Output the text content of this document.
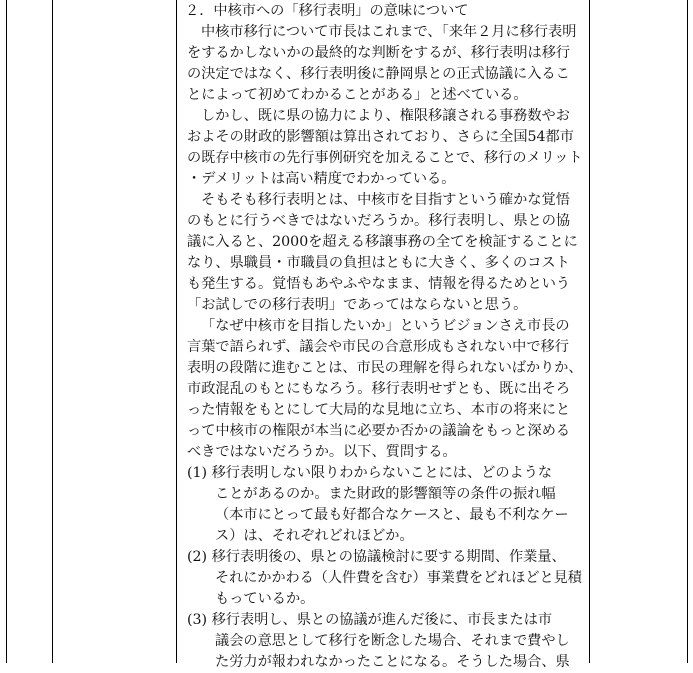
２．中核市への「移行表明」の意味について
中核市移行について市長はこれまで、「来年２月に移行表明
をするかしないかの最終的な判断をするが、移行表明は移行
の決定ではなく、移行表明後に静岡県との正式協議に入るこ
とによって初めてわかることがある」と述べている。
しかし、既に県の協力により、権限移譲される事務数やお
およその財政的影響額は算出されており、さらに全国54都市
の既存中核市の先行事例研究を加えることで、移行のメリット
・デメリットは高い精度でわかっている。
そもそも移行表明とは、中核市を目指すという確かな覚悟
のもとに行うべきではないだろうか。移行表明し、県との協
議に入ると、2000を超える移譲事務の全てを検証することに
なり、県職員・市職員の負担はともに大きく、多くのコスト
も発生する。覚悟もあやふやなまま、情報を得るためという
「お試しでの移行表明」であってはならないと思う。
「なぜ中核市を目指したいか」というビジョンさえ市長の
言葉で語られず、議会や市民の合意形成もされない中で移行
表明の段階に進むことは、市民の理解を得られないばかりか、
市政混乱のもとにもなろう。移行表明せずとも、既に出そろ
った情報をもとにして大局的な見地に立ち、本市の将来にと
って中核市の権限が本当に必要か否かの議論をもっと深める
べきではないだろうか。以下、質問する。
(1) 移行表明しない限りわからないことには、どのような
ことがあるのか。また財政的影響額等の条件の振れ幅
（本市にとって最も好都合なケースと、最も不利なケー
ス）は、それぞれどれほどか。
(2) 移行表明後の、県との協議検討に要する期間、作業量、
それにかかわる（人件費を含む）事業費をどれほどと見積
もっているか。
(3) 移行表明し、県との協議が進んだ後に、市長または市
議会の意思として移行を断念した場合、それまで費やし
た労力が報われなかったことになる。そうした場合、県
